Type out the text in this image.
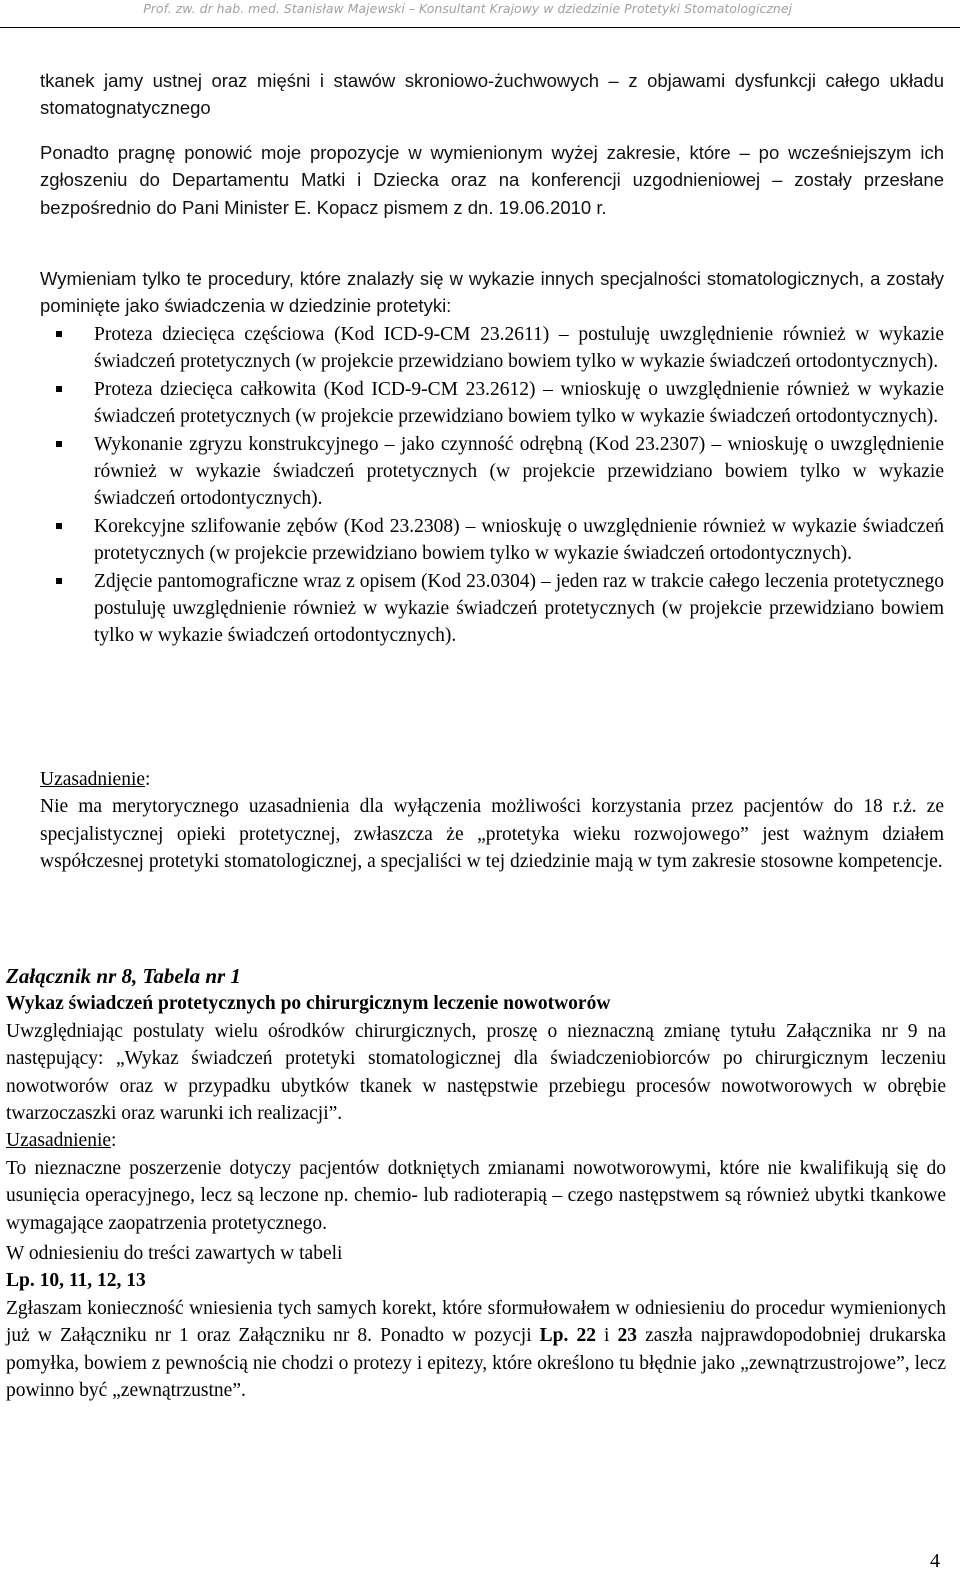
Prof. zw. dr hab. med. Stanisław Majewski – Konsultant Krajowy w dziedzinie Protetyki Stomatologicznej

tkanek jamy ustnej oraz mięśni i stawów skroniowo-żuchwowych – z objawami dysfunkcji całego układu stomatognatycznego

Ponadto pragnę ponowić moje propozycje w wymienionym wyżej zakresie, które – po wcześniejszym ich zgłoszeniu do Departamentu Matki i Dziecka oraz na konferencji uzgodnieniowej – zostały przesłane bezpośrednio do Pani Minister E. Kopacz pismem z dn. 19.06.2010 r.

Wymieniam tylko te procedury, które znalazły się w wykazie innych specjalności stomatologicznych, a zostały pominięte jako świadczenia w dziedzinie protetyki:

Proteza dziecięca częściowa (Kod ICD-9-CM 23.2611) – postuluję uwzględnienie również w wykazie świadczeń protetycznych (w projekcie przewidziano bowiem tylko w wykazie świadczeń ortodontycznych).
Proteza dziecięca całkowita (Kod ICD-9-CM 23.2612) – wnioskuję o uwzględnienie również w wykazie świadczeń protetycznych (w projekcie przewidziano bowiem tylko w wykazie świadczeń ortodontycznych).
Wykonanie zgryzu konstrukcyjnego – jako czynność odrębną (Kod 23.2307) – wnioskuję o uwzględnienie również w wykazie świadczeń protetycznych (w projekcie przewidziano bowiem tylko w wykazie świadczeń ortodontycznych).
Korekcyjne szlifowanie zębów (Kod 23.2308) – wnioskuję o uwzględnienie również w wykazie świadczeń protetycznych (w projekcie przewidziano bowiem tylko w wykazie świadczeń ortodontycznych).
Zdjęcie pantomograficzne wraz z opisem (Kod 23.0304) – jeden raz w trakcie całego leczenia protetycznego postuluję uwzględnienie również w wykazie świadczeń protetycznych (w projekcie przewidziano bowiem tylko w wykazie świadczeń ortodontycznych).
Uzasadnienie:
Nie ma merytorycznego uzasadnienia dla wyłączenia możliwości korzystania przez pacjentów do 18 r.ż. ze specjalistycznej opieki protetycznej, zwłaszcza że „protetyka wieku rozwojowego” jest ważnym działem współczesnej protetyki stomatologicznej, a specjaliści w tej dziedzinie mają w tym zakresie stosowne kompetencje.
Załącznik nr 8, Tabela nr 1
Wykaz świadczeń protetycznych po chirurgicznym leczenie nowotworów
Uwzględniając postulaty wielu ośrodków chirurgicznych, proszę o nieznaczną zmianę tytułu Załącznika nr 9 na następujący: „Wykaz świadczeń protetyki stomatologicznej dla świadczeniobiorców po chirurgicznym leczeniu nowotworów oraz w przypadku ubytków tkanek w następstwie przebiegu procesów nowotworowych w obrębie twarzoczaszki oraz warunki ich realizacji”.
Uzasadnienie:
To nieznaczne poszerzenie dotyczy pacjentów dotkniętych zmianami nowotworowymi, które nie kwalifikują się do usunięcia operacyjnego, lecz są leczone np. chemio- lub radioterapią – czego następstwem są również ubytki tkankowe wymagające zaopatrzenia protetycznego.
W odniesieniu do treści zawartych w tabeli
Lp. 10, 11, 12, 13
Zgłaszam konieczność wniesienia tych samych korekt, które sformułowałem w odniesieniu do procedur wymienionych już w Załączniku nr 1 oraz Załączniku nr 8. Ponadto w pozycji Lp. 22 i 23 zaszła najprawdopodobniej drukarska pomyłka, bowiem z pewnością nie chodzi o protezy i epitezy, które określono tu błędnie jako „zewnątrzustrojowe”, lecz powinno być „zewnątrzustne”.
4
